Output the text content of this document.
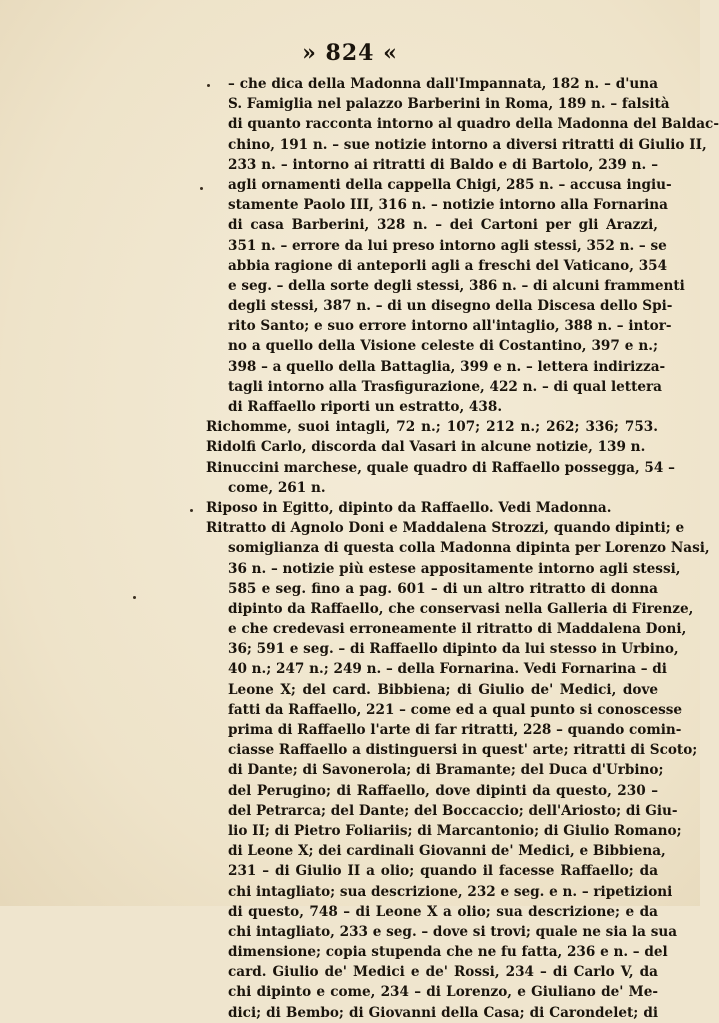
» 824 «
– che dica della Madonna dall'Impannata, 182 n. – d'una
S. Famiglia nel palazzo Barberini in Roma, 189 n. – falsità
di quanto racconta intorno al quadro della Madonna del Baldac-
chino, 191 n. – sue notizie intorno a diversi ritratti di Giulio II,
233 n. – intorno ai ritratti di Baldo e di Bartolo, 239 n. –
agli ornamenti della cappella Chigi, 285 n. – accusa ingiu-
stamente Paolo III, 316 n. – notizie intorno alla Fornarina
di casa Barberini, 328 n. – dei Cartoni per gli Arazzi,
351 n. – errore da lui preso intorno agli stessi, 352 n. – se
abbia ragione di anteporli agli a freschi del Vaticano, 354
e seg. – della sorte degli stessi, 386 n. – di alcuni frammenti
degli stessi, 387 n. – di un disegno della Discesa dello Spi-
rito Santo; e suo errore intorno all'intaglio, 388 n. – intor-
no a quello della Visione celeste di Costantino, 397 e n.;
398 – a quello della Battaglia, 399 e n. – lettera indirizza-
tagli intorno alla Trasfigurazione, 422 n. – di qual lettera
di Raffaello riporti un estratto, 438.
Richomme, suoi intagli, 72 n.; 107; 212 n.; 262; 336; 753.
Ridolfi Carlo, discorda dal Vasari in alcune notizie, 139 n.
Rinuccini marchese, quale quadro di Raffaello possegga, 54 –
come, 261 n.
Riposo in Egitto, dipinto da Raffaello. Vedi Madonna.
Ritratto di Agnolo Doni e Maddalena Strozzi, quando dipinti; e
somiglianza di questa colla Madonna dipinta per Lorenzo Nasi,
36 n. – notizie più estese appositamente intorno agli stessi,
585 e seg. fino a pag. 601 – di un altro ritratto di donna
dipinto da Raffaello, che conservasi nella Galleria di Firenze,
e che credevasi erroneamente il ritratto di Maddalena Doni,
36; 591 e seg. – di Raffaello dipinto da lui stesso in Urbino,
40 n.; 247 n.; 249 n. – della Fornarina. Vedi Fornarina – di
Leone X; del card. Bibbiena; di Giulio de' Medici, dove
fatti da Raffaello, 221 – come ed a qual punto si conoscesse
prima di Raffaello l'arte di far ritratti, 228 – quando comin-
ciasse Raffaello a distinguersi in quest' arte; ritratti di Scoto;
di Dante; di Savonerola; di Bramante; del Duca d'Urbino;
del Perugino; di Raffaello, dove dipinti da questo, 230 –
del Petrarca; del Dante; del Boccaccio; dell'Ariosto; di Giu-
lio II; di Pietro Foliariis; di Marcantonio; di Giulio Romano;
di Leone X; dei cardinali Giovanni de' Medici, e Bibbiena,
231 – di Giulio II a olio; quando il facesse Raffaello; da
chi intagliato; sua descrizione, 232 e seg. e n. – ripetizioni
di questo, 748 – di Leone X a olio; sua descrizione; e da
chi intagliato, 233 e seg. – dove si trovi; quale ne sia la sua
dimensione; copia stupenda che ne fu fatta, 236 e n. – del
card. Giulio de' Medici e de' Rossi, 234 – di Carlo V, da
chi dipinto e come, 234 – di Lorenzo, e Giuliano de' Me-
dici; di Bembo; di Giovanni della Casa; di Carondelet; di
